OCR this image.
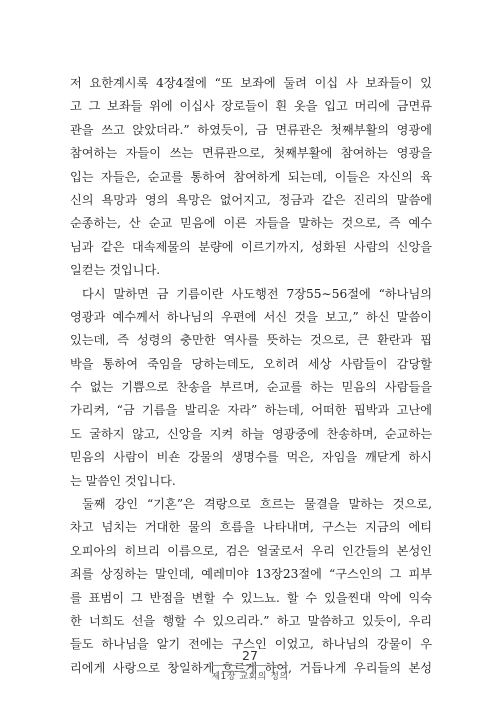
저 요한계시록 4장4절에 “또 보좌에 둘려 이십 사 보좌들이 있
고 그 보좌들 위에 이십사 장로들이 흰 옷을 입고 머리에 금면류
관을 쓰고 앉았더라.” 하였듯이, 금 면류관은 첫째부활의 영광에
참여하는 자들이 쓰는 면류관으로, 첫째부활에 참여하는 영광을
입는 자들은, 순교를 통하여 참여하게 되는데, 이들은 자신의 육
신의 욕망과 영의 욕망은 없어지고, 정금과 같은 진리의 말씀에
순종하는, 산 순교 믿음에 이른 자들을 말하는 것으로, 즉 예수
님과 같은 대속제물의 분량에 이르기까지, 성화된 사람의 신앙을
일컫는 것입니다.
다시 말하면 금 기름이란 사도행전 7장55∼56절에 “하나님의
영광과 예수께서 하나님의 우편에 서신 것을 보고,” 하신 말씀이
있는데, 즉 성령의 충만한 역사를 뜻하는 것으로, 큰 환란과 핍
박을 통하여 죽임을 당하는데도, 오히려 세상 사람들이 감당할
수 없는 기쁨으로 찬송을 부르며, 순교를 하는 믿음의 사람들을
가리켜, “금 기름을 발리운 자라” 하는데, 어떠한 핍박과 고난에
도 굴하지 않고, 신앙을 지켜 하늘 영광중에 찬송하며, 순교하는
믿음의 사람이 비숀 강물의 생명수를 먹은, 자임을 깨닫게 하시
는 말씀인 것입니다.
둘째 강인 “기혼”은 격랑으로 흐르는 물결을 말하는 것으로,
차고 넘치는 거대한 물의 흐름을 나타내며, 구스는 지금의 에티
오피아의 히브리 이름으로, 검은 얼굴로서 우리 인간들의 본성인
죄를 상징하는 말인데, 예레미야 13장23절에 “구스인의 그 피부
를 표범이 그 반점을 변할 수 있느뇨. 할 수 있을찐대 악에 익숙
한 너희도 선을 행할 수 있으리라.” 하고 말씀하고 있듯이, 우리
들도 하나님을 알기 전에는 구스인 이었고, 하나님의 강물이 우
리에게 사랑으로 창일하게 흐르게 하여, 거듭나게 우리들의 본성
27
제1장 교회의 정의
